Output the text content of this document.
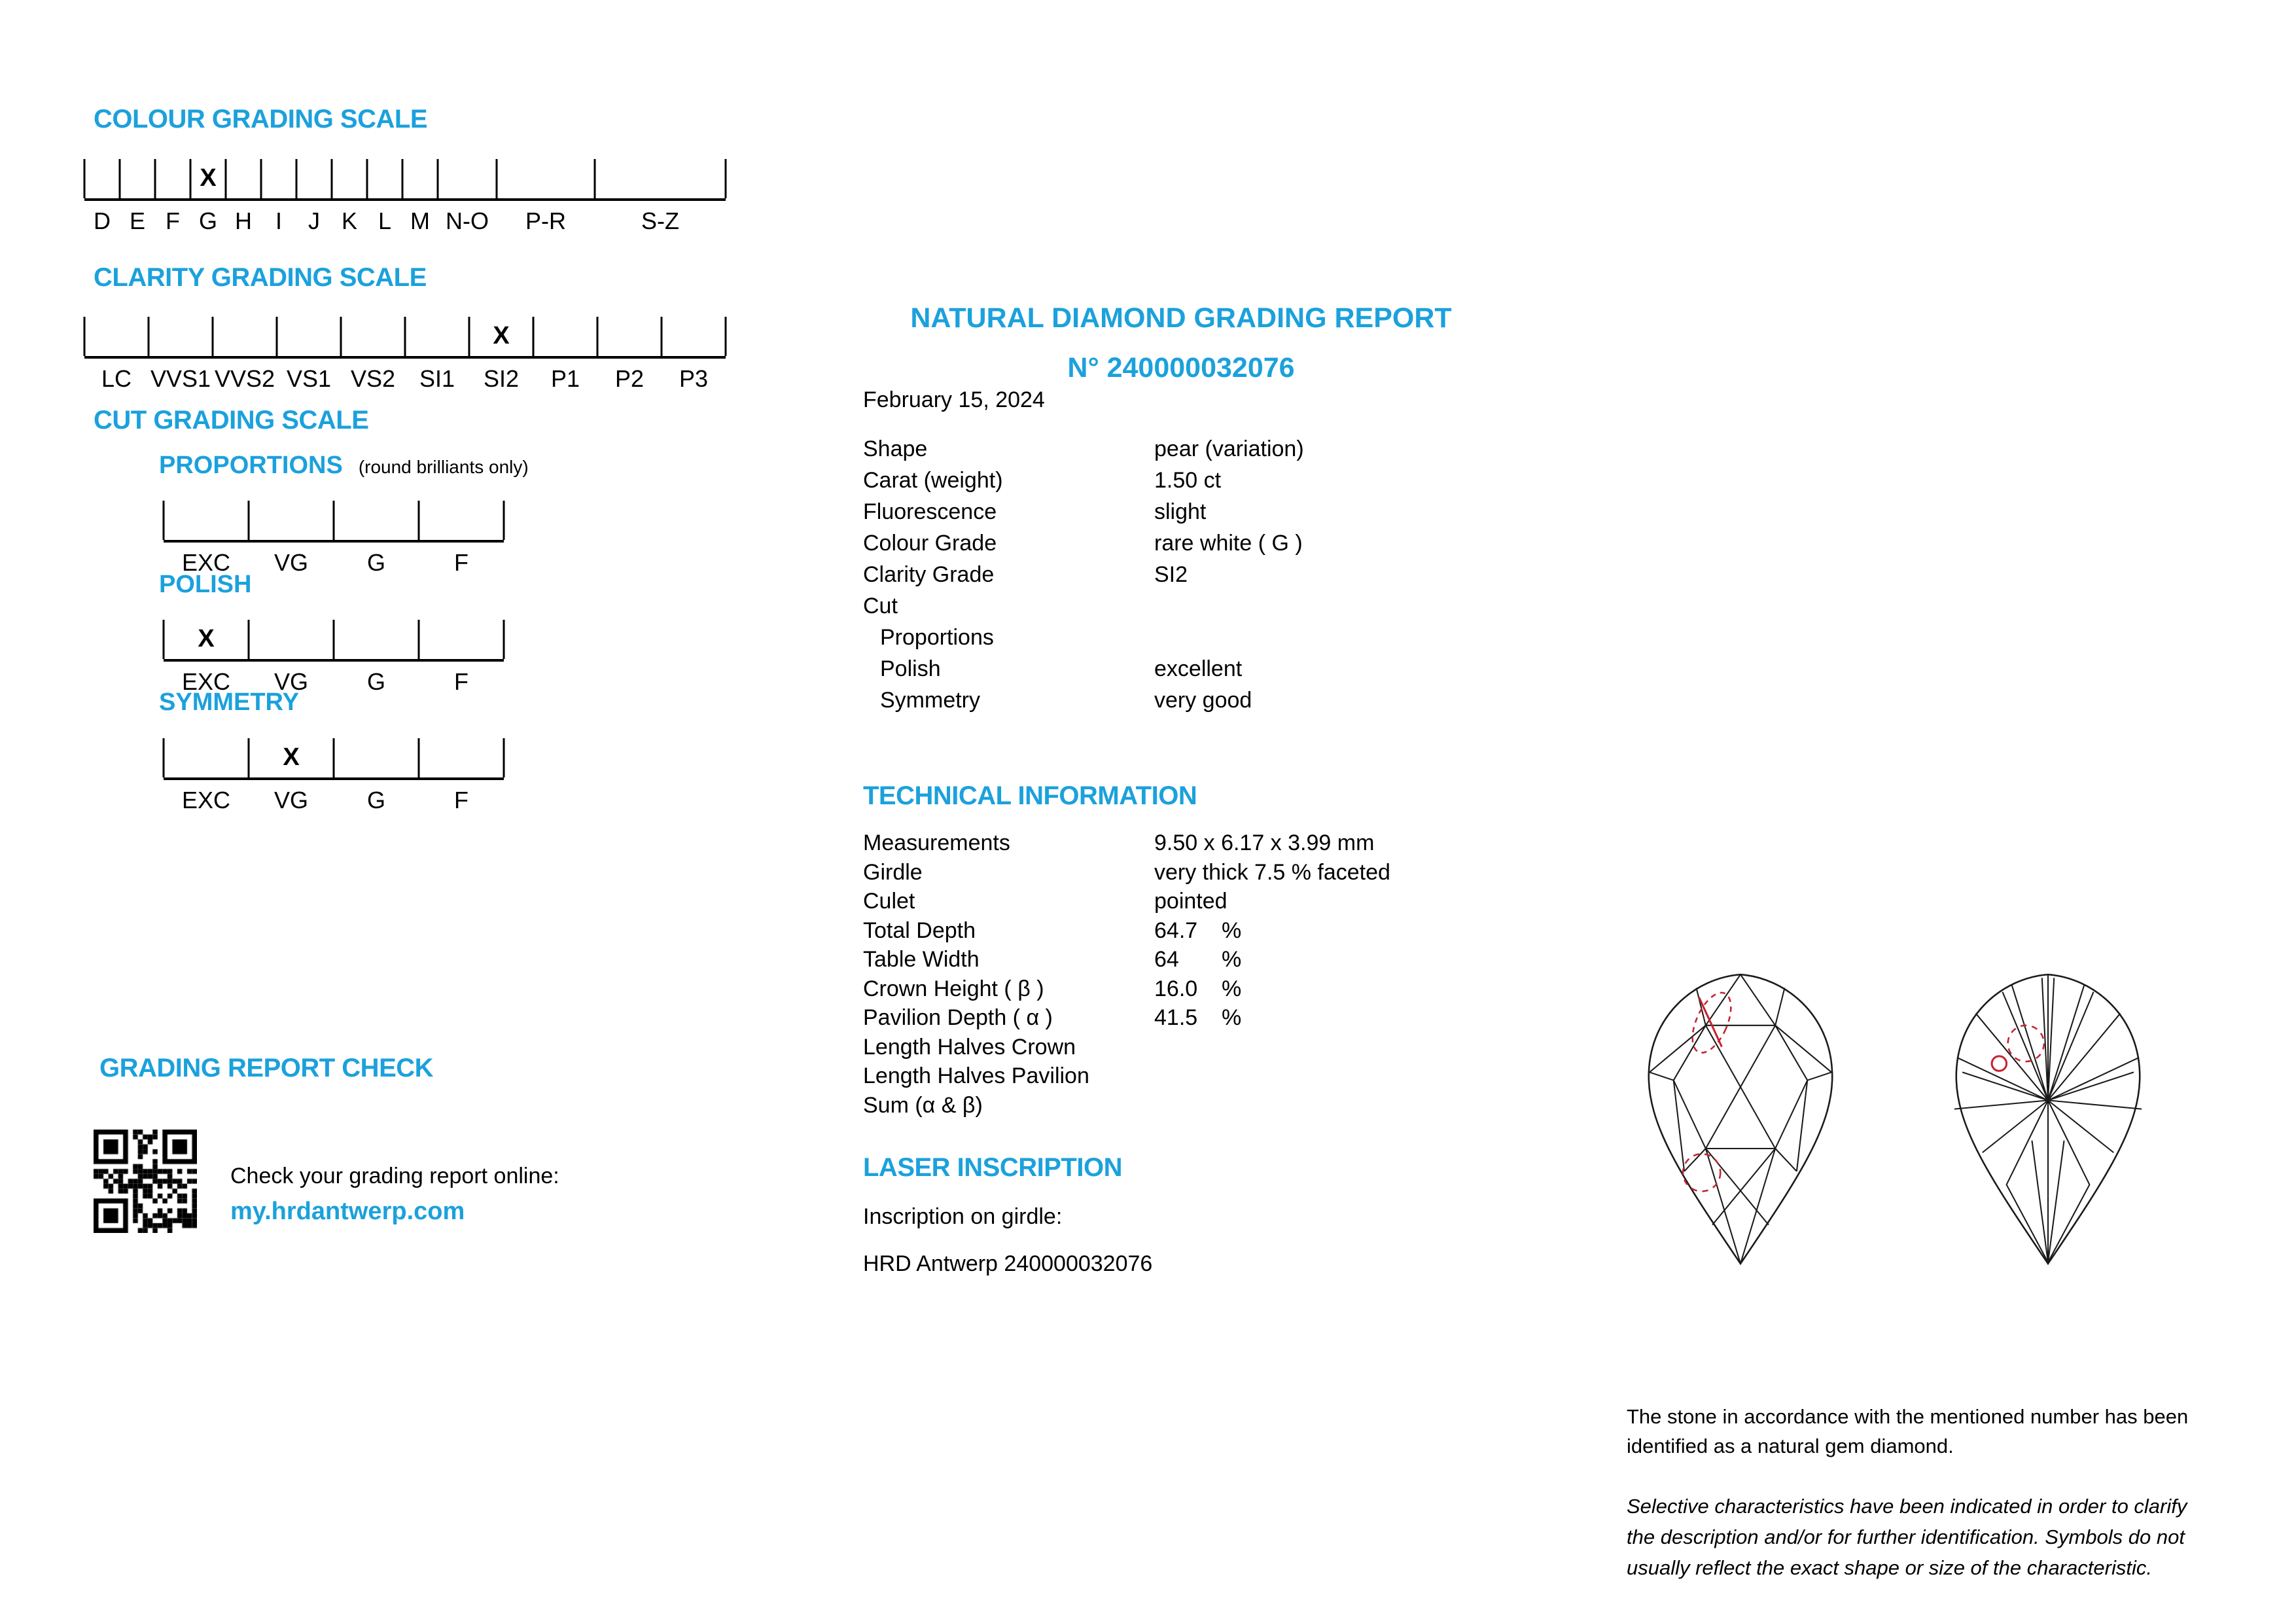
COLOUR GRADING SCALE
X
D E F G H I J K L M N-O P-R	S-Z
CLARITY GRADING SCALE
X
LC VVS1 VVS2 VS1 VS2 SI1 SI2 P1 P2 P3
CUT GRADING SCALE
PROPORTIONS (round brilliants only)
EXC VG G	F
POLISH
X
EXC VG G	F
SYMMETRY
X
EXC VG G	F
GRADING REPORT CHECK
Check your grading report online:
my.hrdantwerp.com
NATURAL DIAMOND GRADING REPORT
N° 240000032076
February 15, 2024
Shape	pear (variation)
Carat (weight)	1.50 ct
Fluorescence	slight
Colour Grade	rare white ( G )
Clarity Grade	SI2
Cut
Proportions
Polish	excellent
Symmetry	very good
TECHNICAL INFORMATION
Measurements	9.50 x 6.17 x 3.99 mm
Girdle	very thick 7.5 % faceted
Culet	pointed
Total Depth	64.7 %
Table Width	64 %
Crown Height ( β )	16.0 %
Pavilion Depth ( α )	41.5 %
Length Halves Crown
Length Halves Pavilion
Sum (α & β)
LASER INSCRIPTION
Inscription on girdle:
HRD Antwerp 240000032076
The stone in accordance with the mentioned number has been identified as a natural gem diamond.
Selective characteristics have been indicated in order to clarify the description and/or for further identification. Symbols do not usually reflect the exact shape or size of the characteristic.
